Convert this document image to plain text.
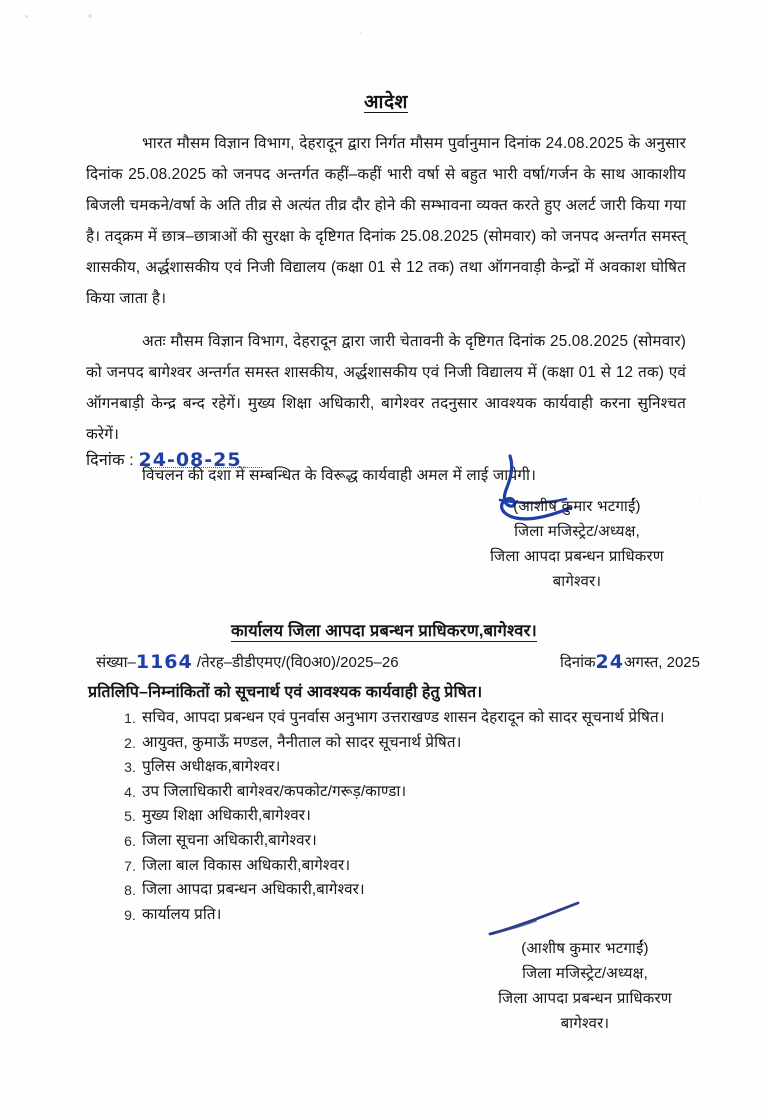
आदेश

भारत मौसम विज्ञान विभाग, देहरादून द्वारा निर्गत मौसम पुर्वानुमान दिनांक 24.08.2025 के अनुसार दिनांक 25.08.2025 को जनपद अन्तर्गत कहीं–कहीं भारी वर्षा से बहुत भारी वर्षा/गर्जन के साथ आकाशीय बिजली चमकने/वर्षा के अति तीव्र से अत्यंत तीव्र दौर होने की सम्भावना व्यक्त करते हुए अलर्ट जारी किया गया है। तद्क्रम में छात्र–छात्राओं की सुरक्षा के दृष्टिगत दिनांक 25.08.2025 (सोमवार) को जनपद अन्तर्गत समस्त् शासकीय, अर्द्धशासकीय एवं निजी विद्यालय (कक्षा 01 से 12 तक) तथा ऑगनवाड़ी केन्द्रों में अवकाश घोषित किया जाता है।

अतः मौसम विज्ञान विभाग, देहरादून द्वारा जारी चेतावनी के दृष्टिगत दिनांक 25.08.2025 (सोमवार) को जनपद बागेश्वर अन्तर्गत समस्त शासकीय, अर्द्धशासकीय एवं निजी विद्यालय में (कक्षा 01 से 12 तक) एवं ऑगनबाड़ी केन्द्र बन्द रहेगें। मुख्य शिक्षा अधिकारी, बागेश्वर तदनुसार आवश्यक कार्यवाही करना सुनिश्चत करेगें।

विचलन की दशा में सम्बन्धित के विरूद्ध कार्यवाही अमल में लाई जायेगी।

दिनांक : 24-08-25
(आशीष कुमार भटगाईं)
जिला मजिस्ट्रेट/अध्यक्ष,
जिला आपदा प्रबन्धन प्राधिकरण
बागेश्वर।
कार्यालय जिला आपदा प्रबन्धन प्राधिकरण,बागेश्वर।
संख्या–1164 /तेरह–डीडीएमए/(वि0अ0)/2025–26	दिनांक24अगस्त, 2025
प्रतिलिपि–निम्नांकितों को सूचनार्थ एवं आवश्यक कार्यवाही हेतु प्रेषित।
1. सचिव, आपदा प्रबन्धन एवं पुनर्वास अनुभाग उत्तराखण्ड शासन देहरादून को सादर सूचनार्थ प्रेषित।
2. आयुक्त, कुमाऊँ मण्डल, नैनीताल को सादर सूचनार्थ प्रेषित।
3. पुलिस अधीक्षक,बागेश्वर।
4. उप जिलाधिकारी बागेश्वर/कपकोट/गरूड़/काण्डा।
5. मुख्य शिक्षा अधिकारी,बागेश्वर।
6. जिला सूचना अधिकारी,बागेश्वर।
7. जिला बाल विकास अधिकारी,बागेश्वर।
8. जिला आपदा प्रबन्धन अधिकारी,बागेश्वर।
9. कार्यालय प्रति।
(आशीष कुमार भटगाईं)
जिला मजिस्ट्रेट/अध्यक्ष,
जिला आपदा प्रबन्धन प्राधिकरण
बागेश्वर।
